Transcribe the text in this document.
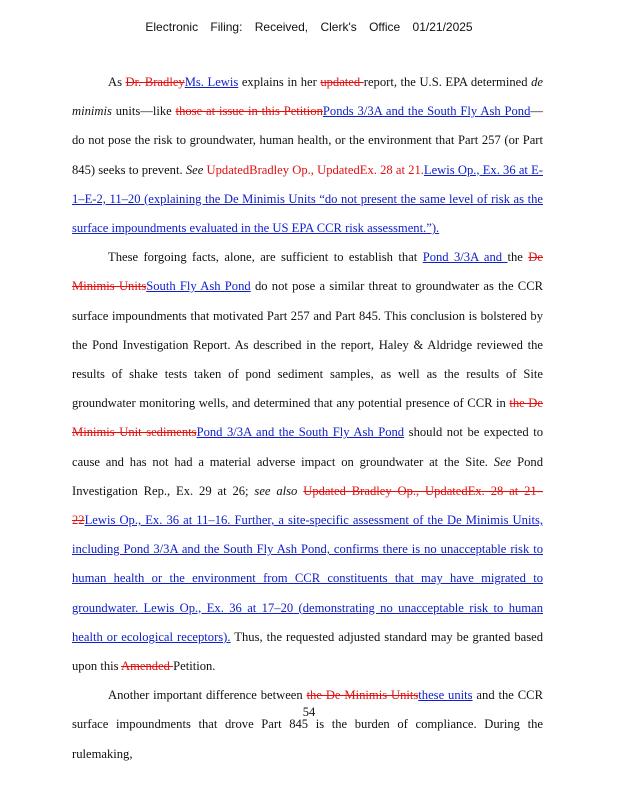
Electronic Filing: Received, Clerk's Office 01/21/2025

As Dr. BradleyMs. Lewis explains in her updated report, the U.S. EPA determined de minimis units—like those at issue in this PetitionPonds 3/3A and the South Fly Ash Pond—do not pose the risk to groundwater, human health, or the environment that Part 257 (or Part 845) seeks to prevent. See UpdatedBradley Op., UpdatedEx. 28 at 21.Lewis Op., Ex. 36 at E-1–E-2, 11–20 (explaining the De Minimis Units “do not present the same level of risk as the surface impoundments evaluated in the US EPA CCR risk assessment.”).

These forgoing facts, alone, are sufficient to establish that Pond 3/3A and the De Minimis UnitsSouth Fly Ash Pond do not pose a similar threat to groundwater as the CCR surface impoundments that motivated Part 257 and Part 845. This conclusion is bolstered by the Pond Investigation Report. As described in the report, Haley & Aldridge reviewed the results of shake tests taken of pond sediment samples, as well as the results of Site groundwater monitoring wells, and determined that any potential presence of CCR in the De Minimis Unit sedimentsPond 3/3A and the South Fly Ash Pond should not be expected to cause and has not had a material adverse impact on groundwater at the Site. See Pond Investigation Rep., Ex. 29 at 26; see also Updated Bradley Op., UpdatedEx. 28 at 21–22Lewis Op., Ex. 36 at 11–16. Further, a site-specific assessment of the De Minimis Units, including Pond 3/3A and the South Fly Ash Pond, confirms there is no unacceptable risk to human health or the environment from CCR constituents that may have migrated to groundwater. Lewis Op., Ex. 36 at 17–20 (demonstrating no unacceptable risk to human health or ecological receptors). Thus, the requested adjusted standard may be granted based upon this Amended Petition.

Another important difference between the De Minimis Unitsthese units and the CCR surface impoundments that drove Part 845 is the burden of compliance. During the rulemaking,

54
